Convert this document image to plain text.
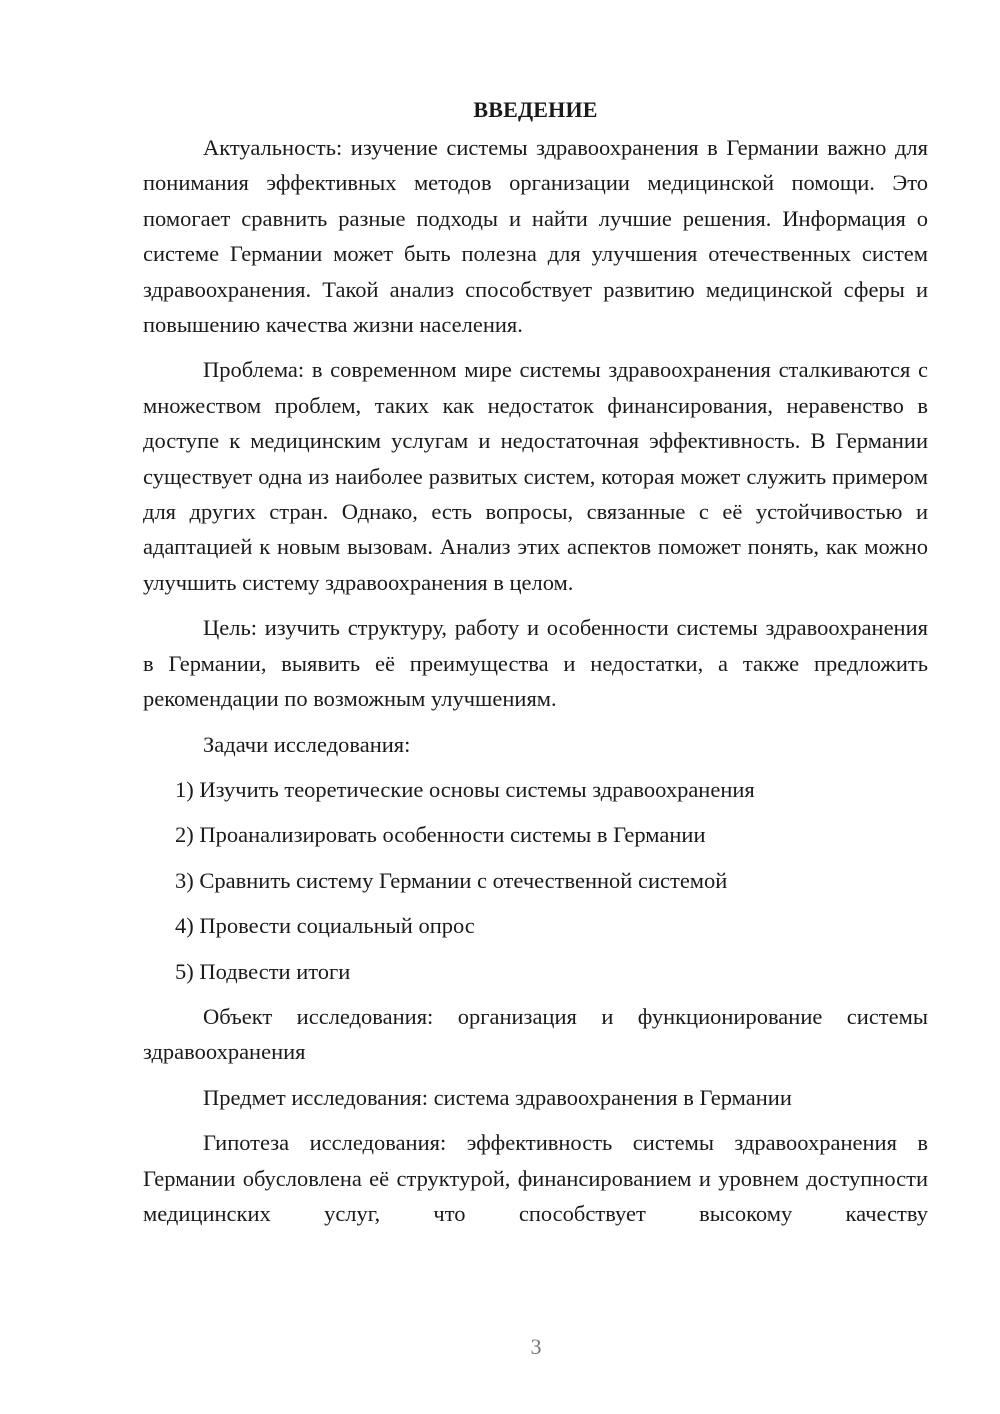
ВВЕДЕНИЕ

Актуальность: изучение системы здравоохранения в Германии важно для понимания эффективных методов организации медицинской помощи. Это помогает сравнить разные подходы и найти лучшие решения. Информация о системе Германии может быть полезна для улучшения отечественных систем здравоохранения. Такой анализ способствует развитию медицинской сферы и повышению качества жизни населения.

Проблема: в современном мире системы здравоохранения сталкиваются с множеством проблем, таких как недостаток финансирования, неравенство в доступе к медицинским услугам и недостаточная эффективность. В Германии существует одна из наиболее развитых систем, которая может служить примером для других стран. Однако, есть вопросы, связанные с её устойчивостью и адаптацией к новым вызовам. Анализ этих аспектов поможет понять, как можно улучшить систему здравоохранения в целом.

Цель: изучить структуру, работу и особенности системы здравоохранения в Германии, выявить её преимущества и недостатки, а также предложить рекомендации по возможным улучшениям.

Задачи исследования:

1) Изучить теоретические основы системы здравоохранения
2) Проанализировать особенности системы в Германии
3) Сравнить систему Германии с отечественной системой
4) Провести социальный опрос
5) Подвести итоги

Объект исследования: организация и функционирование системы здравоохранения

Предмет исследования: система здравоохранения в Германии

Гипотеза исследования: эффективность системы здравоохранения в Германии обусловлена её структурой, финансированием и уровнем доступности медицинских услуг, что способствует высокому качеству

3
